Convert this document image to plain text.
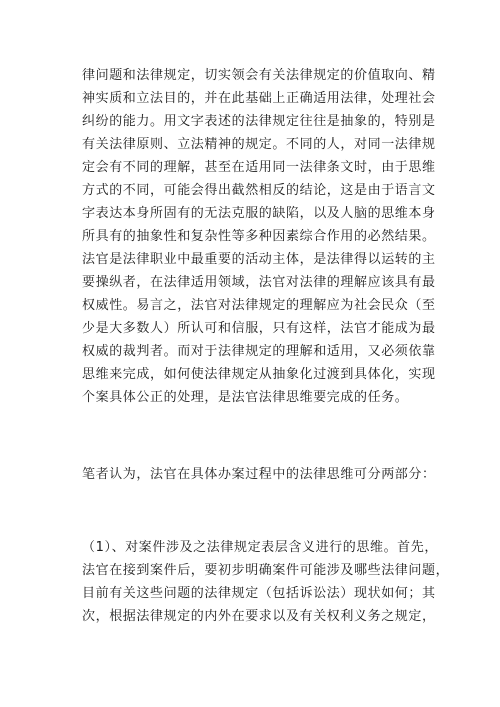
律问题和法律规定，切实领会有关法律规定的价值取向、精
神实质和立法目的，并在此基础上正确适用法律，处理社会
纠纷的能力。用文字表述的法律规定往往是抽象的，特别是
有关法律原则、立法精神的规定。不同的人，对同一法律规
定会有不同的理解，甚至在适用同一法律条文时，由于思维
方式的不同，可能会得出截然相反的结论，这是由于语言文
字表达本身所固有的无法克服的缺陷，以及人脑的思维本身
所具有的抽象性和复杂性等多种因素综合作用的必然结果。
法官是法律职业中最重要的活动主体，是法律得以运转的主
要操纵者，在法律适用领域，法官对法律的理解应该具有最
权威性。易言之，法官对法律规定的理解应为社会民众（至
少是大多数人）所认可和信服，只有这样，法官才能成为最
权威的裁判者。而对于法律规定的理解和适用，又必须依靠
思维来完成，如何使法律规定从抽象化过渡到具体化，实现
个案具体公正的处理，是法官法律思维要完成的任务。
笔者认为，法官在具体办案过程中的法律思维可分两部分：
（1）、对案件涉及之法律规定表层含义进行的思维。首先，
法官在接到案件后，要初步明确案件可能涉及哪些法律问题，
目前有关这些问题的法律规定（包括诉讼法）现状如何；其
次，根据法律规定的内外在要求以及有关权利义务之规定，
